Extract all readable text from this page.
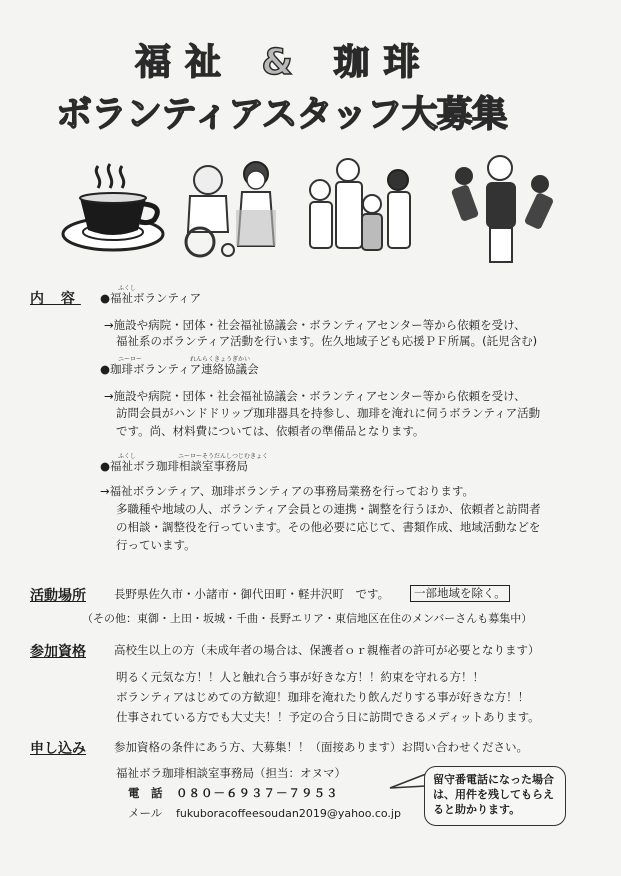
福祉 & 珈琲
ボランティアスタッフ大募集
内 容
ふくし
●福祉ボランティア
→施設や病院・団体・社会福祉協議会・ボランティアセンター等から依頼を受け、
福祉系のボランティア活動を行います。佐久地域子ども応援ＰＦ所属。(託児含む)
ニーロー	れんらくきょうぎかい
●珈琲ボランティア連絡協議会
→施設や病院・団体・社会福祉協議会・ボランティアセンター等から依頼を受け、
訪問会員がハンドドリップ珈琲器具を持参し、珈琲を淹れに伺うボランティア活動
です。尚、材料費については、依頼者の準備品となります。
ふくし	ニーローそうだんしつじむきょく
●福祉ボラ珈琲相談室事務局
→福祉ボランティア、珈琲ボランティアの事務局業務を行っております。
多職種や地域の人、ボランティア会員との連携・調整を行うほか、依頼者と訪問者
の相談・調整役を行っています。その他必要に応じて、書類作成、地域活動などを
行っています。
活動場所 長野県佐久市・小諸市・御代田町・軽井沢町　です。	一部地域を除く。
（その他：東御・上田・坂城・千曲・長野エリア・東信地区在住のメンバーさんも募集中）
参加資格 高校生以上の方（未成年者の場合は、保護者ｏｒ親権者の許可が必要となります）
明るく元気な方！！人と触れ合う事が好きな方！！約束を守れる方！！
ボランティアはじめての方歓迎！珈琲を淹れたり飲んだりする事が好きな方！！
仕事されている方でも大丈夫！！予定の合う日に訪問できるメディットあります。
申し込み 参加資格の条件にあう方、大募集！！（面接あります）お問い合わせください。
福祉ボラ珈琲相談室事務局（担当：オヌマ）
電　話 ０８０－６９３７－７９５３
メール fukuboracoffeesoudan2019@yahoo.co.jp
留守番電話になった場合は、用件を残してもらえると助かります。
